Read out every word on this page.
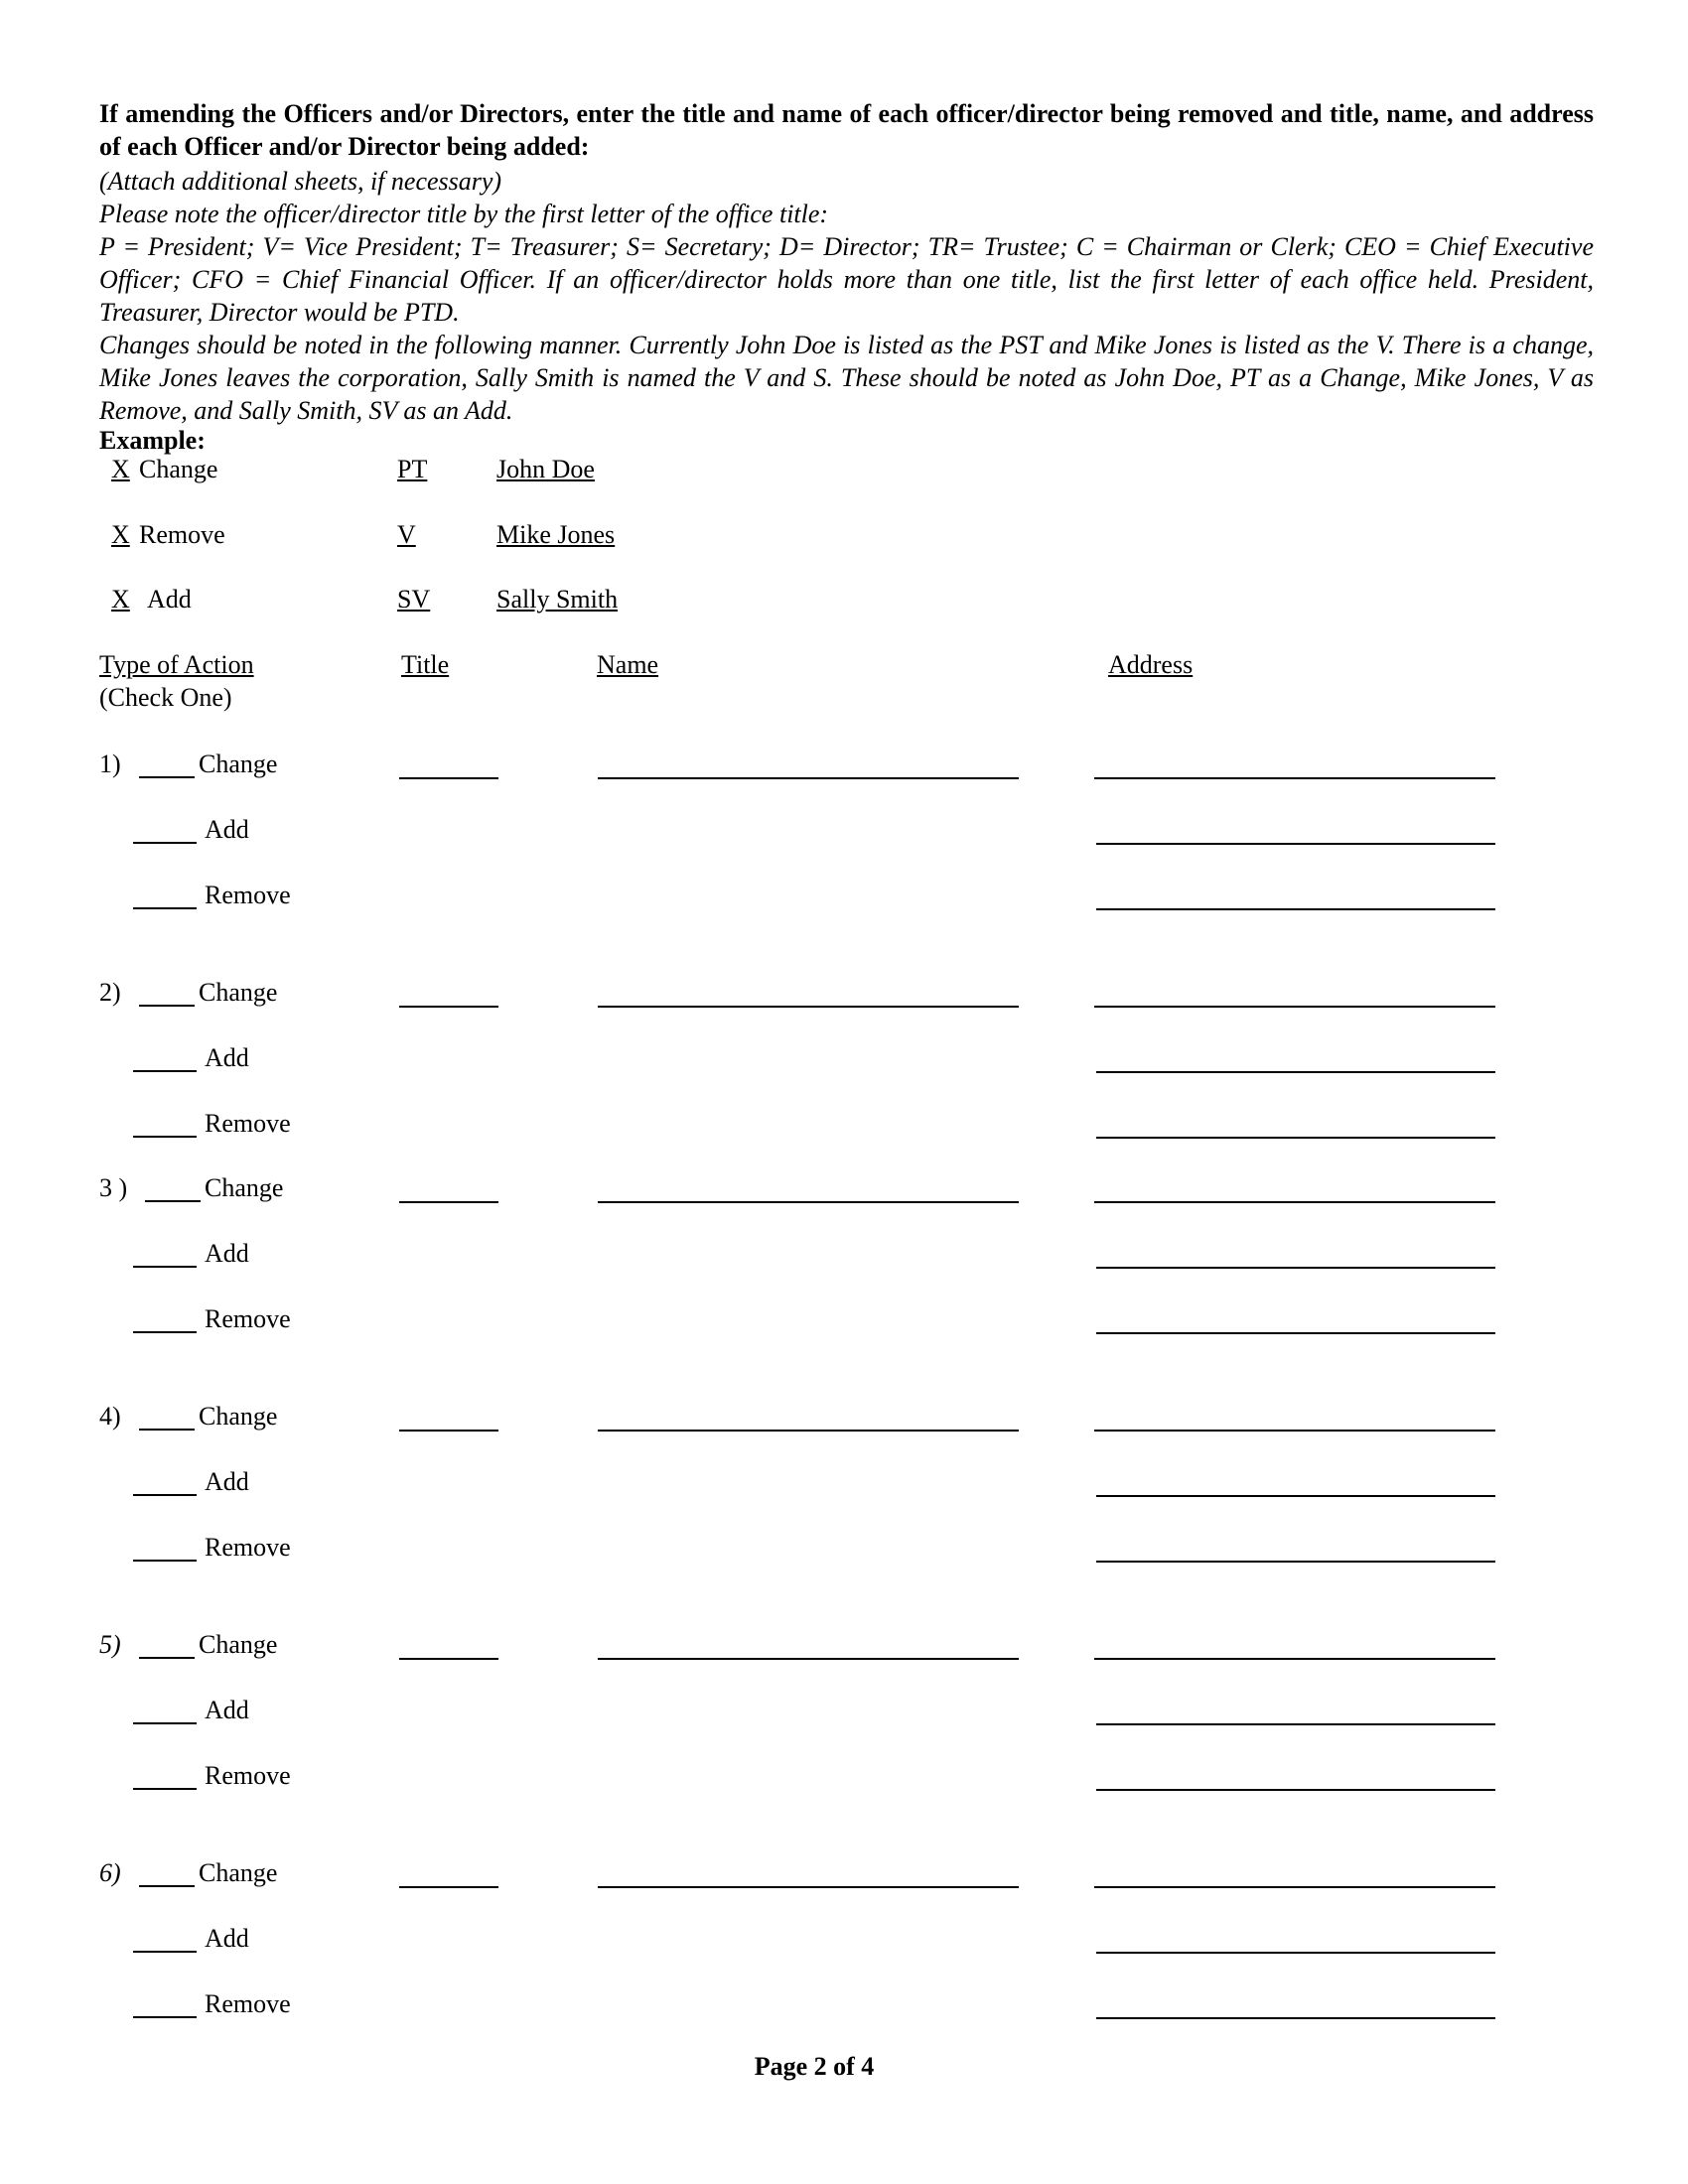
If amending the Officers and/or Directors, enter the title and name of each officer/director being removed and title, name, and address of each Officer and/or Director being added:

(Attach additional sheets, if necessary)

Please note the officer/director title by the first letter of the office title:

P = President; V= Vice President; T= Treasurer; S= Secretary; D= Director; TR= Trustee; C = Chairman or Clerk; CEO = Chief Executive Officer; CFO = Chief Financial Officer. If an officer/director holds more than one title, list the first letter of each office held. President, Treasurer, Director would be PTD.

Changes should be noted in the following manner. Currently John Doe is listed as the PST and Mike Jones is listed as the V. There is a change, Mike Jones leaves the corporation, Sally Smith is named the V and S. These should be noted as John Doe, PT as a Change, Mike Jones, V as Remove, and Sally Smith, SV as an Add.

Example:
X Change	PT	John Doe
X Remove	V	Mike Jones
X Add	SV	Sally Smith
Type of Action
(Check One)
Title	Name	Address
1)	Change
Add
Remove
2)	Change
Add
Remove
3 )	Change
Add
Remove
4)	Change
Add
Remove
5)	Change
Add
Remove
6)	Change
Add
Remove
Page 2 of 4
